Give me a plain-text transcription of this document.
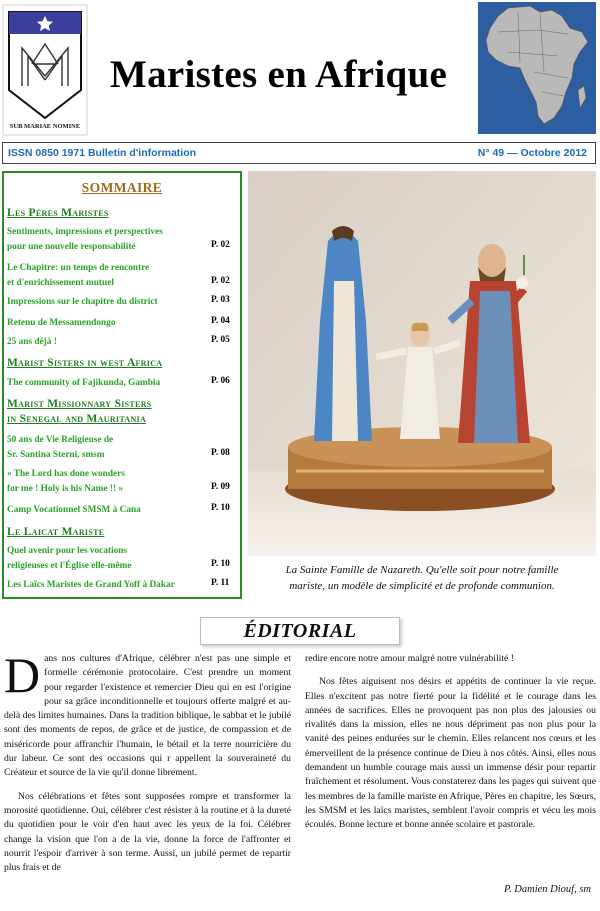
SUB MARIAE NOMINE
Maristes en Afrique
ISSN 0850 1971 Bulletin d'information	N° 49 — Octobre 2012
SOMMAIRE
Les Pères Maristes
Sentiments, impressions et perspectives
pour une nouvelle responsabilité	P. 02
Le Chapitre: un temps de rencontre
et d'enrichissement mutuel	P. 02
Impressions sur le chapitre du district	P. 03
Retenu de Messamendongo	P. 04
25 ans déjà !	P. 05
Marist Sisters in west Africa
The community of Fajikunda, Gambia	P. 06
Marist Missionnary Sisters
in Senegal and Mauritania
50 ans de Vie Religieuse de
Sr. Santina Sterni, smsm	P. 08
« The Lord has done wonders
for me ! Holy is his Name !! »	P. 09
Camp Vocationnel SMSM à Cana	P. 10
Le Laicat Mariste
Quel avenir pour les vocations
religieuses et l'Église elle-même	P. 10
Les Laïcs Maristes de Grand Yoff à Dakar	P. 11
La Sainte Famille de Nazareth. Qu'elle soit pour notre famille
mariste, un modèle de simplicité et de profonde communion.
ÉDITORIAL

Dans nos cultures d'Afrique, célébrer n'est pas une simple et formelle cérémonie protocolaire. C'est prendre un moment pour regarder l'existence et remercier Dieu qui en est l'origine pour sa grâce inconditionnelle et toujours offerte malgré et au-delà des limites humaines. Dans la tradition biblique, le sabbat et le jubilé sont des moments de repos, de grâce et de justice, de compassion et de miséricorde pour affranchir l'humain, le bétail et la terre nourricière du dur labeur. Ce sont des occasions qui r appellent la souveraineté du Créateur et source de la vie qu'il donne librement.

Nos célébrations et fêtes sont supposées rompre et transformer la morosité quotidienne. Oui, célébrer c'est résister à la routine et à la dureté du quotidien pour le voir d'en haut avec les yeux de la foi. Célébrer change la vision que l'on a de la vie, donne la force de l'affronter et nourrit l'espoir d'arriver à son terme. Aussi, un jubilé permet de repartir plus frais et de

redire encore notre amour malgré notre vulnérabilité !

Nos fêtes aiguisent nos désirs et appétits de continuer la vie reçue. Elles n'excitent pas notre fierté pour la fidélité et le courage dans les années de sacrifices. Elles ne provoquent pas non plus des jalousies ou rivalités dans la mission, elles ne nous dépriment pas non plus pour la vanité des peines endurées sur le chemin. Elles relancent nos cœurs et les émerveillent de la présence continue de Dieu à nos côtés. Ainsi, elles nous demandent un humble courage mais aussi un immense désir pour repartir fraîchement et résolument. Vous constaterez dans les pages qui suivent que les membres de la famille mariste en Afrique, Pères en chapitre, les Sœurs, les SMSM et les laïcs maristes, semblent l'avoir compris et vécu les mois écoulés. Bonne lecture et bonne année scolaire et pastorale.

P. Damien Diouf, sm
